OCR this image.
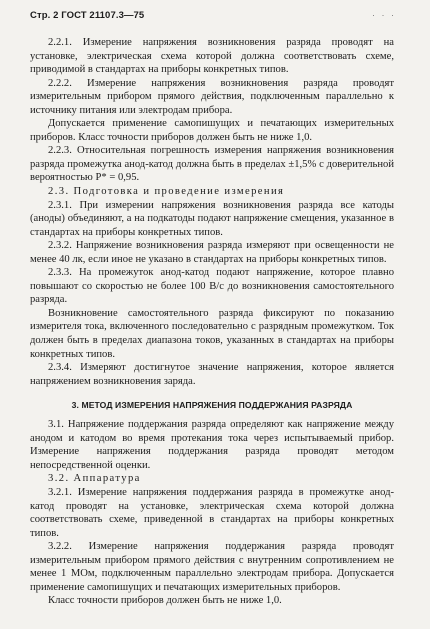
Стр. 2 ГОСТ 21107.3—75	· · ·

2.2.1. Измерение напряжения возникновения разряда проводят на установке, электрическая схема которой должна соответствовать схеме, приводимой в стандартах на приборы конкретных типов.

2.2.2. Измерение напряжения возникновения разряда проводят измерительным прибором прямого действия, подключенным параллельно к источнику питания или электродам прибора.

Допускается применение самопишущих и печатающих измерительных приборов. Класс точности приборов должен быть не ниже 1,0.

2.2.3. Относительная погрешность измерения напряжения возникновения разряда промежутка анод-катод должна быть в пределах ±1,5% с доверительной вероятностью P* = 0,95.

2.3. Подготовка и проведение измерения

2.3.1. При измерении напряжения возникновения разряда все катоды (аноды) объединяют, а на подкатоды подают напряжение смещения, указанное в стандартах на приборы конкретных типов.

2.3.2. Напряжение возникновения разряда измеряют при освещенности не менее 40 лк, если иное не указано в стандартах на приборы конкретных типов.

2.3.3. На промежуток анод-катод подают напряжение, которое плавно повышают со скоростью не более 100 В/с до возникновения самостоятельного разряда.

Возникновение самостоятельного разряда фиксируют по показанию измерителя тока, включенного последовательно с разрядным промежутком. Ток должен быть в пределах диапазона токов, указанных в стандартах на приборы конкретных типов.

2.3.4. Измеряют достигнутое значение напряжения, которое является напряжением возникновения заряда.

3. МЕТОД ИЗМЕРЕНИЯ НАПРЯЖЕНИЯ ПОДДЕРЖАНИЯ РАЗРЯДА

3.1. Напряжение поддержания разряда определяют как напряжение между анодом и катодом во время протекания тока через испытываемый прибор. Измерение напряжения поддержания разряда проводят методом непосредственной оценки.

3.2. Аппаратура

3.2.1. Измерение напряжения поддержания разряда в промежутке анод-катод проводят на установке, электрическая схема которой должна соответствовать схеме, приведенной в стандартах на приборы конкретных типов.

3.2.2. Измерение напряжения поддержания разряда проводят измерительным прибором прямого действия с внутренним сопротивлением не менее 1 МОм, подключенным параллельно электродам прибора. Допускается применение самопишущих и печатающих измерительных приборов.

Класс точности приборов должен быть не ниже 1,0.
